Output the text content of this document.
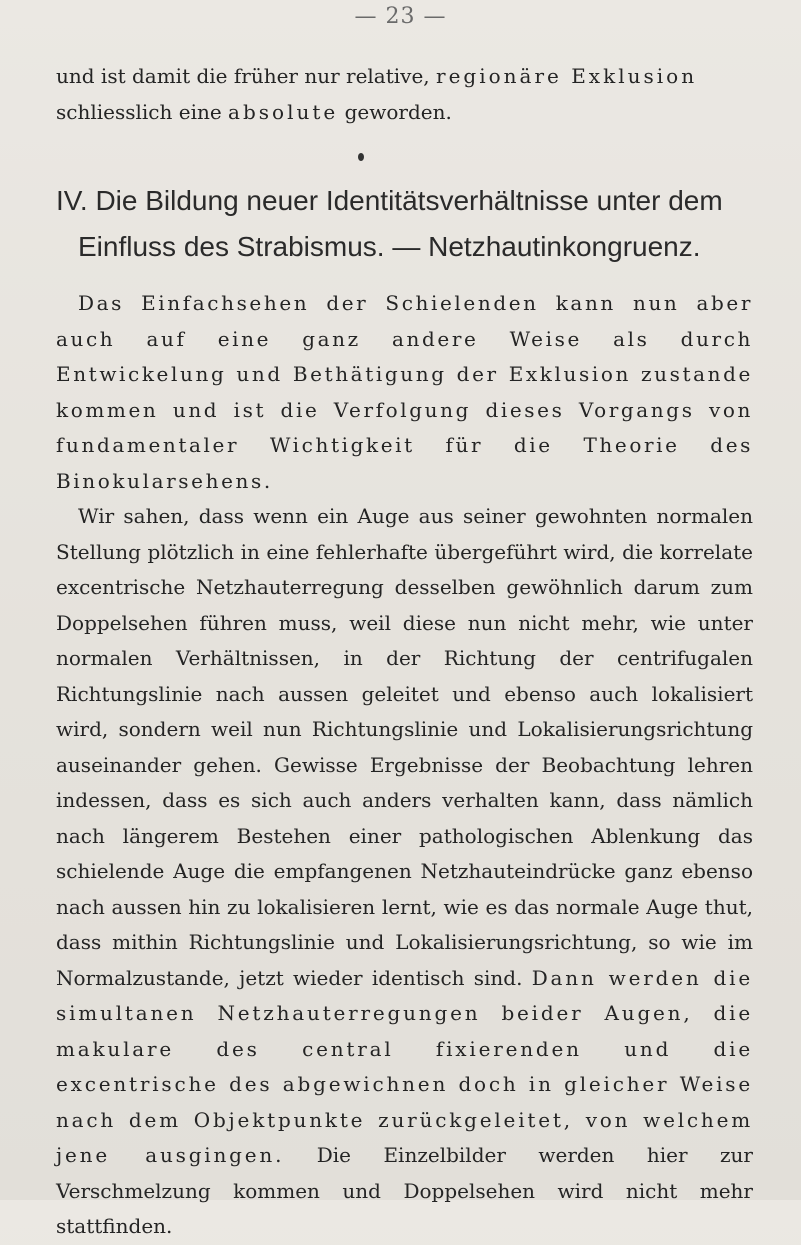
— 23 —
und ist damit die früher nur relative, regionäre Exklusion schliesslich eine absolute geworden.
IV. Die Bildung neuer Identitätsverhältnisse unter dem
Einfluss des Strabismus. — Netzhautinkongruenz.

Das Einfachsehen der Schielenden kann nun aber auch auf eine ganz andere Weise als durch Entwickelung und Bethätigung der Exklusion zustande kommen und ist die Verfolgung dieses Vorgangs von fundamentaler Wichtigkeit für die Theorie des Binokularsehens.

Wir sahen, dass wenn ein Auge aus seiner gewohnten normalen Stellung plötzlich in eine fehlerhafte übergeführt wird, die korrelate excentrische Netzhauterregung desselben gewöhnlich darum zum Doppelsehen führen muss, weil diese nun nicht mehr, wie unter normalen Verhältnissen, in der Richtung der centrifugalen Richtungslinie nach aussen geleitet und ebenso auch lokalisiert wird, sondern weil nun Richtungslinie und Lokalisierungsrichtung auseinander gehen. Gewisse Ergebnisse der Beobachtung lehren indessen, dass es sich auch anders verhalten kann, dass nämlich nach längerem Bestehen einer pathologischen Ablenkung das schielende Auge die empfangenen Netzhauteindrücke ganz ebenso nach aussen hin zu lokalisieren lernt, wie es das normale Auge thut, dass mithin Richtungslinie und Lokalisierungsrichtung, so wie im Normalzustande, jetzt wieder identisch sind. Dann werden die simultanen Netzhauterregungen beider Augen, die makulare des central fixierenden und die excentrische des abgewichnen doch in gleicher Weise nach dem Objektpunkte zurückgeleitet, von welchem jene ausgingen. Die Einzelbilder werden hier zur Verschmelzung kommen und Doppelsehen wird nicht mehr stattfinden.
